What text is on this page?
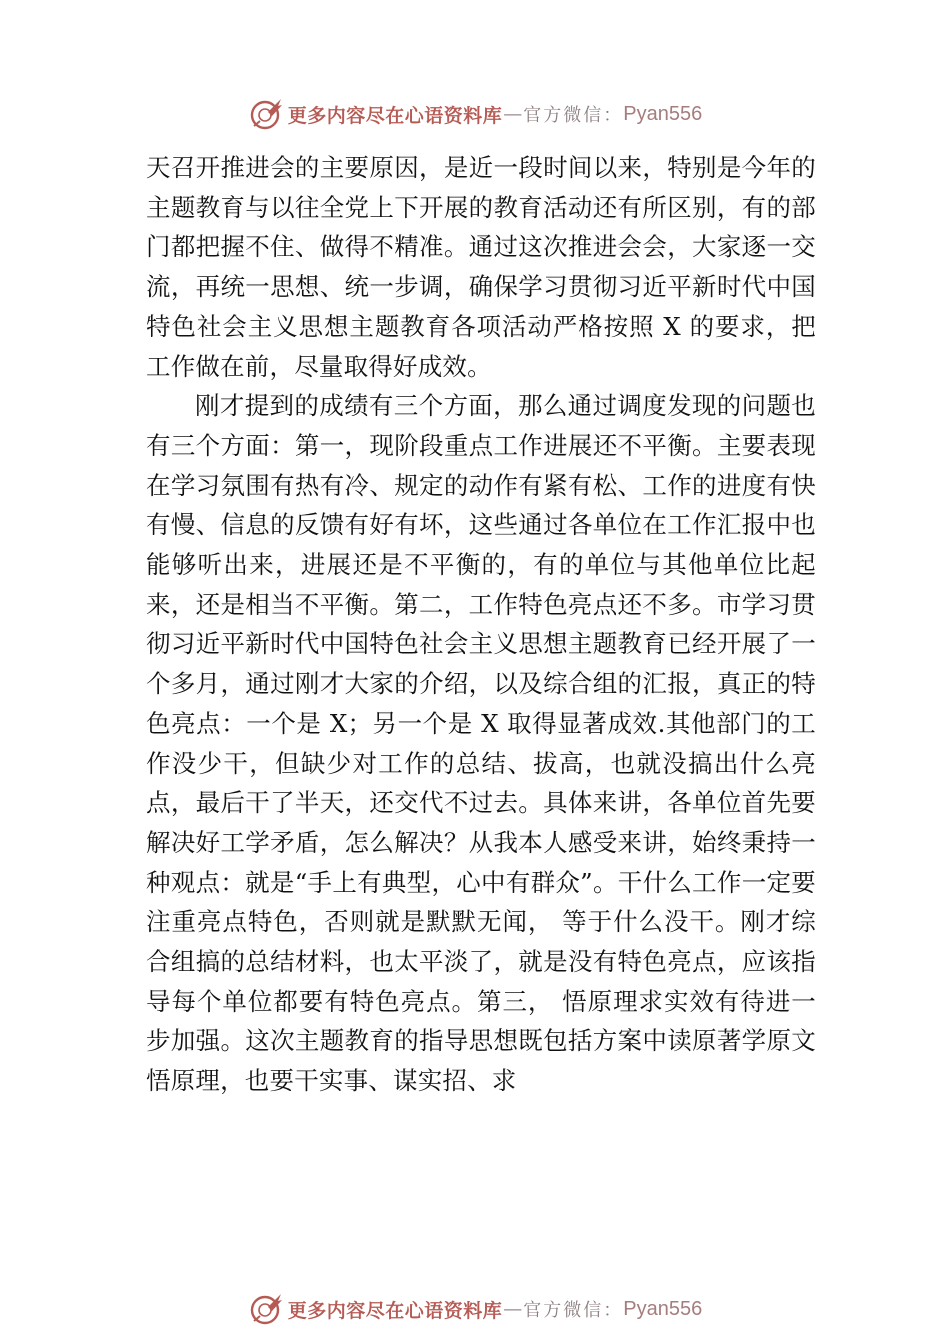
更多内容尽在心语资料库 — 官方微信： Pyan556

天召开推进会的主要原因，是近一段时间以来，特别是今年的主题教育与以往全党上下开展的教育活动还有所区别，有的部门都把握不住、做得不精准。通过这次推进会会，大家逐一交流，再统一思想、统一步调，确保学习贯彻习近平新时代中国特色社会主义思想主题教育各项活动严格按照 X 的要求，把工作做在前，尽量取得好成效。

刚才提到的成绩有三个方面，那么通过调度发现的问题也有三个方面：第一，现阶段重点工作进展还不平衡。主要表现在学习氛围有热有冷、规定的动作有紧有松、工作的进度有快有慢、信息的反馈有好有坏，这些通过各单位在工作汇报中也能够听出来，进展还是不平衡的，有的单位与其他单位比起来，还是相当不平衡。第二，工作特色亮点还不多。市学习贯彻习近平新时代中国特色社会主义思想主题教育已经开展了一个多月，通过刚才大家的介绍，以及综合组的汇报，真正的特色亮点：一个是 X；另一个是 X 取得显著成效.其他部门的工作没少干，但缺少对工作的总结、拔高，也就没搞出什么亮点，最后干了半天，还交代不过去。具体来讲，各单位首先要解决好工学矛盾，怎么解决？从我本人感受来讲，始终秉持一种观点：就是“手上有典型，心中有群众”。干什么工作一定要注重亮点特色，否则就是默默无闻， 等于什么没干。刚才综合组搞的总结材料，也太平淡了，就是没有特色亮点，应该指导每个单位都要有特色亮点。第三， 悟原理求实效有待进一步加强。这次主题教育的指导思想既包括方案中读原著学原文悟原理，也要干实事、谋实招、求

更多内容尽在心语资料库 — 官方微信： Pyan556
